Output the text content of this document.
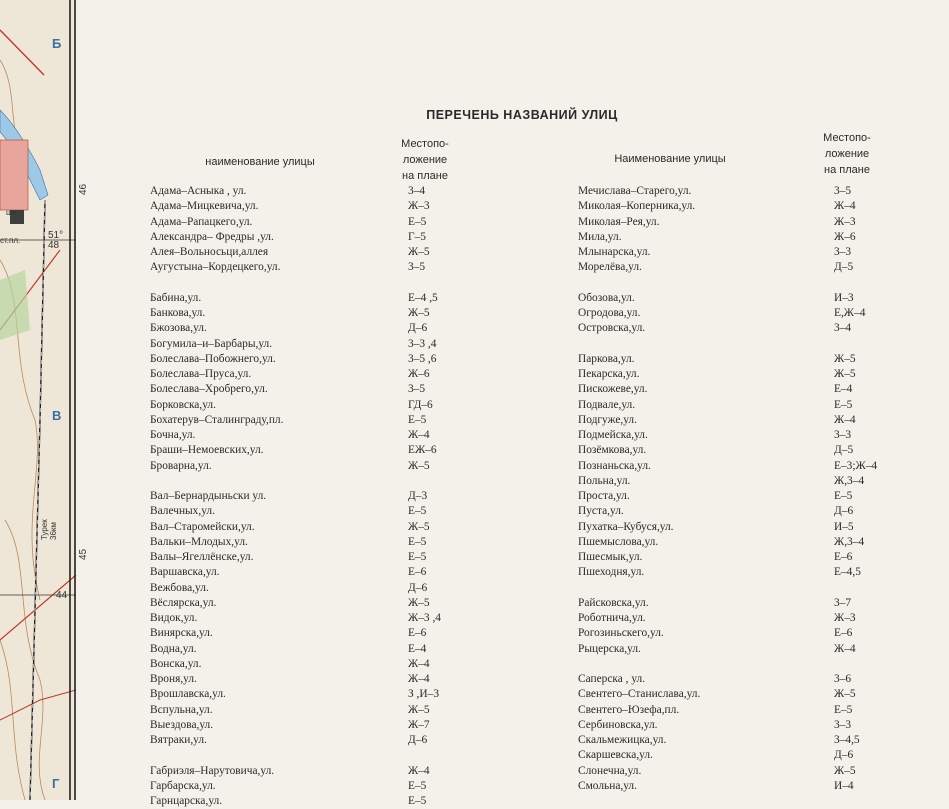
Б
В
Г
46
51°
48
45
44
шк.
ст.пл.
Турек 36км
ПЕРЕЧЕНЬ НАЗВАНИЙ УЛИЦ
наименование улицы
Местопо-
ложение
на плане
Наименование улицы
Местопо-
ложение
на плане
Адама–Асныка , ул.	3–4
Адама–Мицкевича,ул.	Ж–3
Адама–Рапацкего,ул.	Е–5
Александра– Фредры ,ул.	Г–5
Алея–Вольносьци,аллея	Ж–5
Аугустына–Кордецкего,ул.	3–5
Бабина,ул.	Е–4 ,5
Банкова,ул.	Ж–5
Бжозова,ул.	Д–6
Богумила–и–Барбары,ул.	3–3 ,4
Болеслава–Побожнего,ул.	3–5 ,6
Болеслава–Пруса,ул.	Ж–6
Болеслава–Хробрего,ул.	3–5
Борковска,ул.	ГД–6
Бохатерув–Сталинграду,пл.	Е–5
Бочна,ул.	Ж–4
Браши–Немоевских,ул.	ЕЖ–6
Броварна,ул.	Ж–5
Вал–Бернардыньски ул.	Д–3
Валечных,ул.	Е–5
Вал–Старомейски,ул.	Ж–5
Вальки–Млодых,ул.	Е–5
Валы–Ягеллёнске,ул.	Е–5
Варшавска,ул.	Е–6
Вежбова,ул.	Д–6
Вёслярска,ул.	Ж–5
Видок,ул.	Ж–3 ,4
Винярска,ул.	Е–6
Водна,ул.	Е–4
Вонска,ул.	Ж–4
Вроня,ул.	Ж–4
Врошлавска,ул.	З ,И–3
Вспульна,ул.	Ж–5
Выездова,ул.	Ж–7
Вятраки,ул.	Д–6
Габриэля–Нарутовича,ул.	Ж–4
Гарбарска,ул.	Е–5
Гарнцарска,ул.	Е–5
Мечислава–Старего,ул.	3–5
Миколая–Коперника,ул.	Ж–4
Миколая–Рея,ул.	Ж–3
Мила,ул.	Ж–6
Млынарска,ул.	3–3
Морелёва,ул.	Д–5
Обозова,ул.	И–3
Огродова,ул.	Е,Ж–4
Островска,ул.	3–4
Паркова,ул.	Ж–5
Пекарска,ул.	Ж–5
Пискожеве,ул.	Е–4
Подвале,ул.	Е–5
Подгуже,ул.	Ж–4
Подмейска,ул.	3–3
Позёмкова,ул.	Д–5
Познаньска,ул.	Е–3;Ж–4
Польна,ул.	Ж,3–4
Проста,ул.	Е–5
Пуста,ул.	Д–6
Пухатка–Кубуся,ул.	И–5
Пшемыслова,ул.	Ж,3–4
Пшесмык,ул.	Е–6
Пшеходня,ул.	Е–4,5
Райсковска,ул.	3–7
Роботнича,ул.	Ж–3
Рогозиньскего,ул.	Е–6
Рыцерска,ул.	Ж–4
Саперска , ул.	3–6
Свентего–Станислава,ул.	Ж–5
Свентего–Юзефа,пл.	Е–5
Сербиновска,ул.	3–3
Скальмежицка,ул.	3–4,5
Скаршевска,ул.	Д–6
Слонечна,ул.	Ж–5
Смольна,ул.	И–4
